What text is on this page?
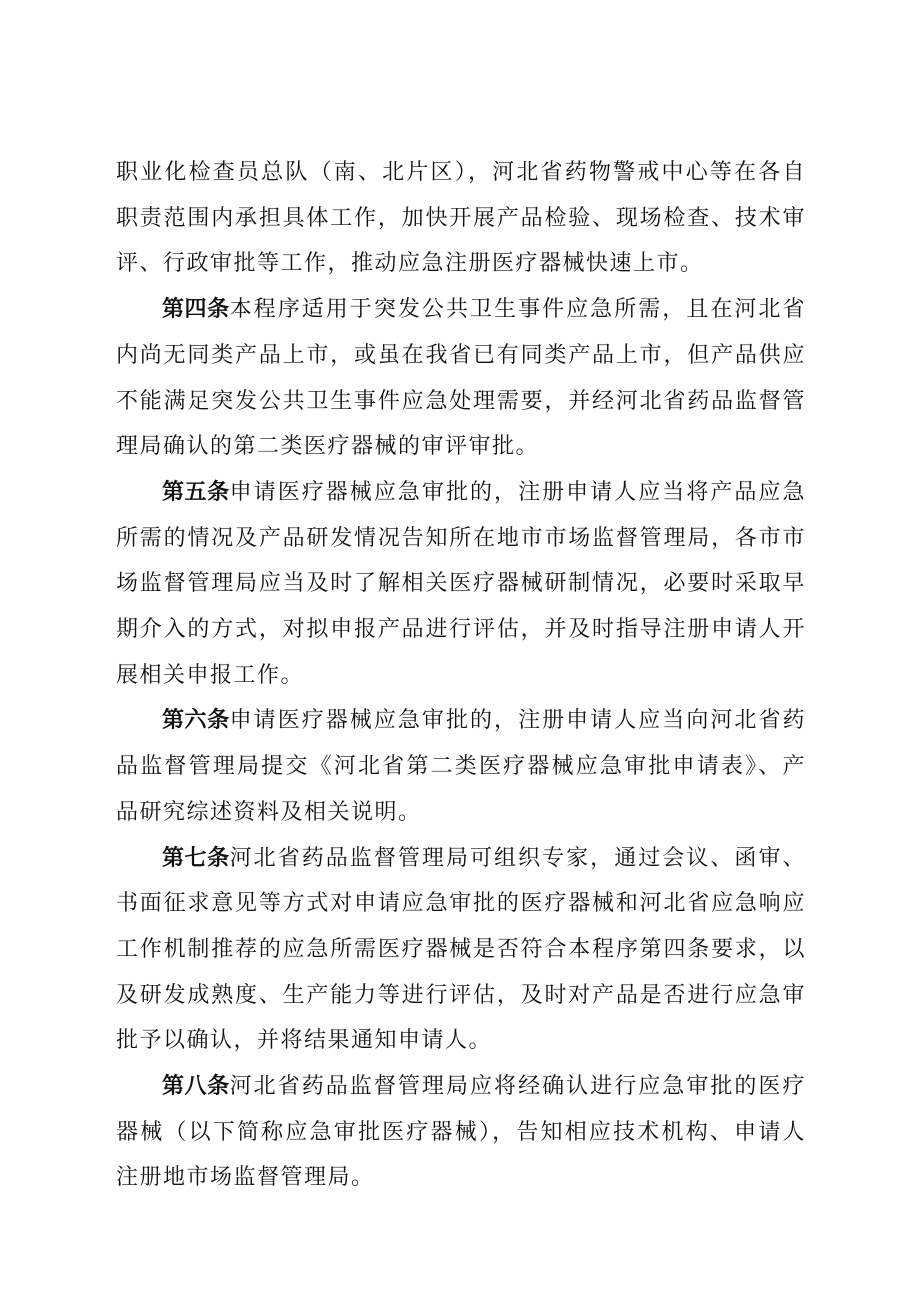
职业化检查员总队（南、北片区），河北省药物警戒中心等在各自职责范围内承担具体工作，加快开展产品检验、现场检查、技术审评、行政审批等工作，推动应急注册医疗器械快速上市。

第四条本程序适用于突发公共卫生事件应急所需，且在河北省内尚无同类产品上市，或虽在我省已有同类产品上市，但产品供应不能满足突发公共卫生事件应急处理需要，并经河北省药品监督管理局确认的第二类医疗器械的审评审批。

第五条申请医疗器械应急审批的，注册申请人应当将产品应急所需的情况及产品研发情况告知所在地市市场监督管理局，各市市场监督管理局应当及时了解相关医疗器械研制情况，必要时采取早期介入的方式，对拟申报产品进行评估，并及时指导注册申请人开展相关申报工作。

第六条申请医疗器械应急审批的，注册申请人应当向河北省药品监督管理局提交《河北省第二类医疗器械应急审批申请表》、产品研究综述资料及相关说明。

第七条河北省药品监督管理局可组织专家，通过会议、函审、书面征求意见等方式对申请应急审批的医疗器械和河北省应急响应工作机制推荐的应急所需医疗器械是否符合本程序第四条要求，以及研发成熟度、生产能力等进行评估，及时对产品是否进行应急审批予以确认，并将结果通知申请人。

第八条河北省药品监督管理局应将经确认进行应急审批的医疗器械（以下简称应急审批医疗器械），告知相应技术机构、申请人注册地市场监督管理局。
